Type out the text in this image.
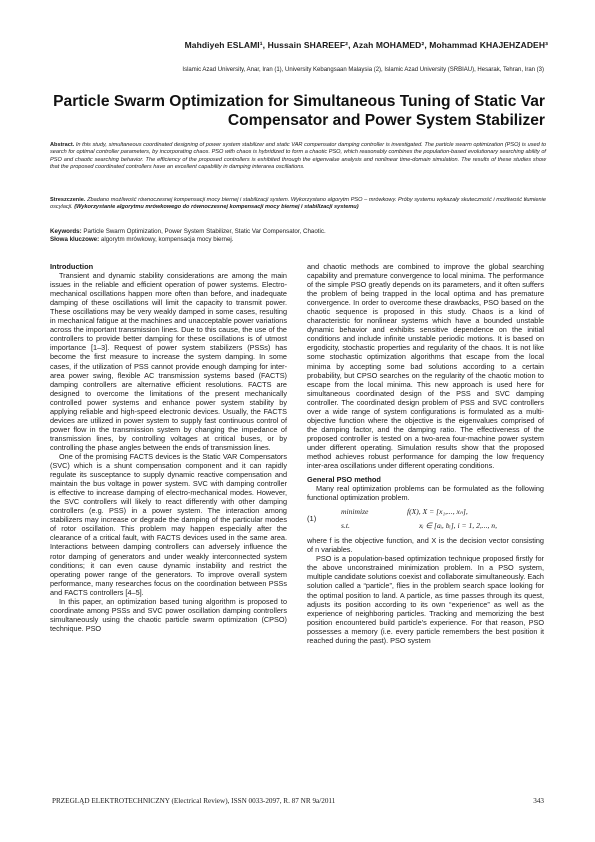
Mahdiyeh ESLAMI¹, Hussain SHAREEF², Azah MOHAMED², Mohammad KHAJEHZADEH³
Islamic Azad University, Anar, Iran (1), University Kebangsaan Malaysia (2), Islamic Azad University (SRBIAU), Hesarak, Tehran, Iran (3)
Particle Swarm Optimization for Simultaneous Tuning of Static Var Compensator and Power System Stabilizer
Abstract. In this study, simultaneous coordinated designing of power system stabilizer and static VAR compensator damping controller is investigated. The particle swarm optimization (PSO) is used to search for optimal controller parameters, by incorporating chaos. PSO with chaos is hybridized to form a chaotic PSO, which reasonably combines the population-based evolutionary searching ability of PSO and chaotic searching behavior. The efficiency of the proposed controllers is exhibited through the eigenvalue analysis and nonlinear time-domain simulation. The results of these studies show that the proposed coordinated controllers have an excellent capability in damping interarea oscillations.
Streszczenie. Zbadano możliwość równoczesnej kompensacji mocy biernej i stabilizacji system. Wykorzystano algorytm PSO – mrówkowy. Próby systemu wykazały skuteczność i możliwość tłumienie oscylacji. (Wykorzystanie algorytmu mrówkowego do równoczesnej kompensacji mocy biernej i stabilizacji systemu)
Keywords: Particle Swarm Optimization, Power System Stabilizer, Static Var Compensator, Chaotic.
Słowa kluczowe: algorytm mrówkowy, kompensacja mocy biernej.

Introduction

Transient and dynamic stability considerations are among the main issues in the reliable and efficient operation of power systems. Electro-mechanical oscillations happen more often than before, and inadequate damping of these oscillations will limit the capacity to transmit power. These oscillations may be very weakly damped in some cases, resulting in mechanical fatigue at the machines and unacceptable power variations across the important transmission lines. Due to this cause, the use of the controllers to provide better damping for these oscillations is of utmost importance [1–3]. Request of power system stabilizers (PSSs) has become the first measure to increase the system damping. In some cases, if the utilization of PSS cannot provide enough damping for inter-area power swing, flexible AC transmission systems based (FACTS) damping controllers are alternative efficient resolutions. FACTS are designed to overcome the limitations of the present mechanically controlled power systems and enhance power system stability by applying reliable and high-speed electronic devices. Usually, the FACTS devices are utilized in power system to supply fast continuous control of power flow in the transmission system by changing the impedance of transmission lines, by controlling voltages at critical buses, or by controlling the phase angles between the ends of transmission lines.

One of the promising FACTS devices is the Static VAR Compensators (SVC) which is a shunt compensation component and it can rapidly regulate its susceptance to supply dynamic reactive compensation and maintain the bus voltage in power system. SVC with damping controller is effective to increase damping of electro-mechanical modes. However, the SVC controllers will likely to react differently with other damping controllers (e.g. PSS) in a power system. The interaction among stabilizers may increase or degrade the damping of the particular modes of rotor oscillation. This problem may happen especially after the clearance of a critical fault, with FACTS devices used in the same area. Interactions between damping controllers can adversely influence the rotor damping of generators and under weakly interconnected system conditions; it can even cause dynamic instability and restrict the operating power range of the generators. To improve overall system performance, many researches focus on the coordination between PSSs and FACTS controllers [4–5].

In this paper, an optimization based tuning algorithm is proposed to coordinate among PSSs and SVC power oscillation damping controllers simultaneously using the chaotic particle swarm optimization (CPSO) technique. PSO

and chaotic methods are combined to improve the global searching capability and premature convergence to local minima. The performance of the simple PSO greatly depends on its parameters, and it often suffers the problem of being trapped in the local optima and has premature convergence. In order to overcome these drawbacks, PSO based on the chaotic sequence is proposed in this study. Chaos is a kind of characteristic for nonlinear systems which have a bounded unstable dynamic behavior and exhibits sensitive dependence on the initial conditions and include infinite unstable periodic motions. It is based on ergodicity, stochastic properties and regularity of the chaos. It is not like some stochastic optimization algorithms that escape from the local minima by accepting some bad solutions according to a certain probability, but CPSO searches on the regularity of the chaotic motion to escape from the local minima. This new approach is used here for simultaneous coordinated design of the PSS and SVC damping controller. The coordinated design problem of PSS and SVC controllers over a wide range of system configurations is formulated as a multi-objective function where the objective is the eigenvalues comprised of the damping factor, and the damping ratio. The effectiveness of the proposed controller is tested on a two-area four-machine power system under different operating. Simulation results show that the proposed method achieves robust performance for damping the low frequency inter-area oscillations under different operating conditions.

General PSO method

Many real optimization problems can be formulated as the following functional optimization problem.

(1)
minimize	f(X), X = [x₁,..., xₙ],
s.t.	xᵢ ∈ [aᵢ, bᵢ], i = 1, 2,..., n,

where f is the objective function, and X is the decision vector consisting of n variables.

PSO is a population-based optimization technique proposed firstly for the above unconstrained minimization problem. In a PSO system, multiple candidate solutions coexist and collaborate simultaneously. Each solution called a “particle”, flies in the problem search space looking for the optimal position to land. A particle, as time passes through its quest, adjusts its position according to its own “experience” as well as the experience of neighboring particles. Tracking and memorizing the best position encountered build particle's experience. For that reason, PSO possesses a memory (i.e. every particle remembers the best position it reached during the past). PSO system

PRZEGLĄD ELEKTROTECHNICZNY (Electrical Review), ISSN 0033-2097, R. 87 NR 9a/2011	343
